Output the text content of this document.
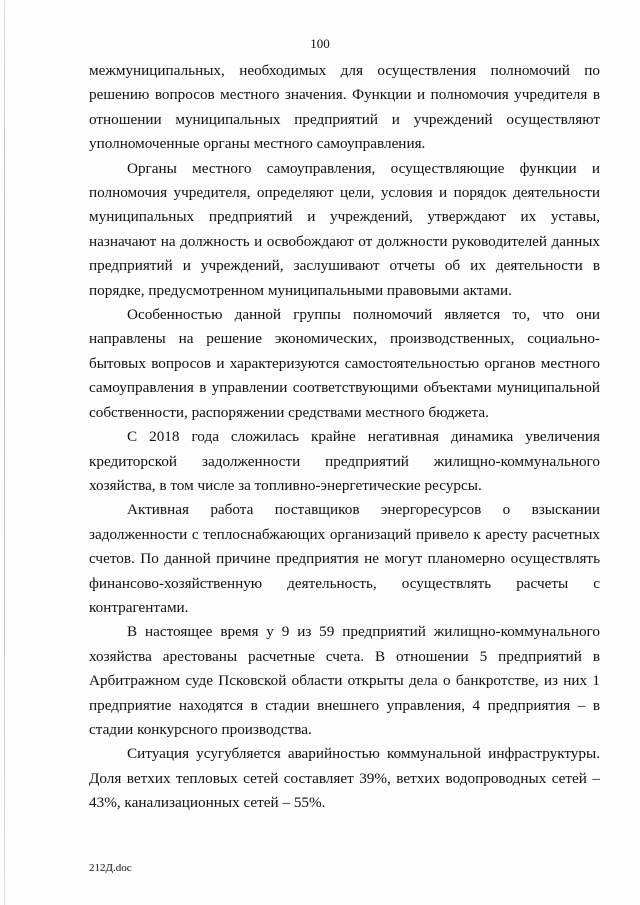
100

межмуниципальных, необходимых для осуществления полномочий по решению вопросов местного значения. Функции и полномочия учредителя в отношении муниципальных предприятий и учреждений осуществляют уполномоченные органы местного самоуправления.

Органы местного самоуправления, осуществляющие функции и полномочия учредителя, определяют цели, условия и порядок деятельности муниципальных предприятий и учреждений, утверждают их уставы, назначают на должность и освобождают от должности руководителей данных предприятий и учреждений, заслушивают отчеты об их деятельности в порядке, предусмотренном муниципальными правовыми актами.

Особенностью данной группы полномочий является то, что они направлены на решение экономических, производственных, социально-бытовых вопросов и характеризуются самостоятельностью органов местного самоуправления в управлении соответствующими объектами муниципальной собственности, распоряжении средствами местного бюджета.

С 2018 года сложилась крайне негативная динамика увеличения кредиторской задолженности предприятий жилищно-коммунального хозяйства, в том числе за топливно-энергетические ресурсы.

Активная работа поставщиков энергоресурсов о взыскании задолженности с теплоснабжающих организаций привело к аресту расчетных счетов. По данной причине предприятия не могут планомерно осуществлять финансово-хозяйственную деятельность, осуществлять расчеты с контрагентами.

В настоящее время у 9 из 59 предприятий жилищно-коммунального хозяйства арестованы расчетные счета. В отношении 5 предприятий в Арбитражном суде Псковской области открыты дела о банкротстве, из них 1 предприятие находятся в стадии внешнего управления, 4 предприятия – в стадии конкурсного производства.

Ситуация усугубляется аварийностью коммунальной инфраструктуры. Доля ветхих тепловых сетей составляет 39%, ветхих водопроводных сетей – 43%, канализационных сетей – 55%.

212Д.doc
